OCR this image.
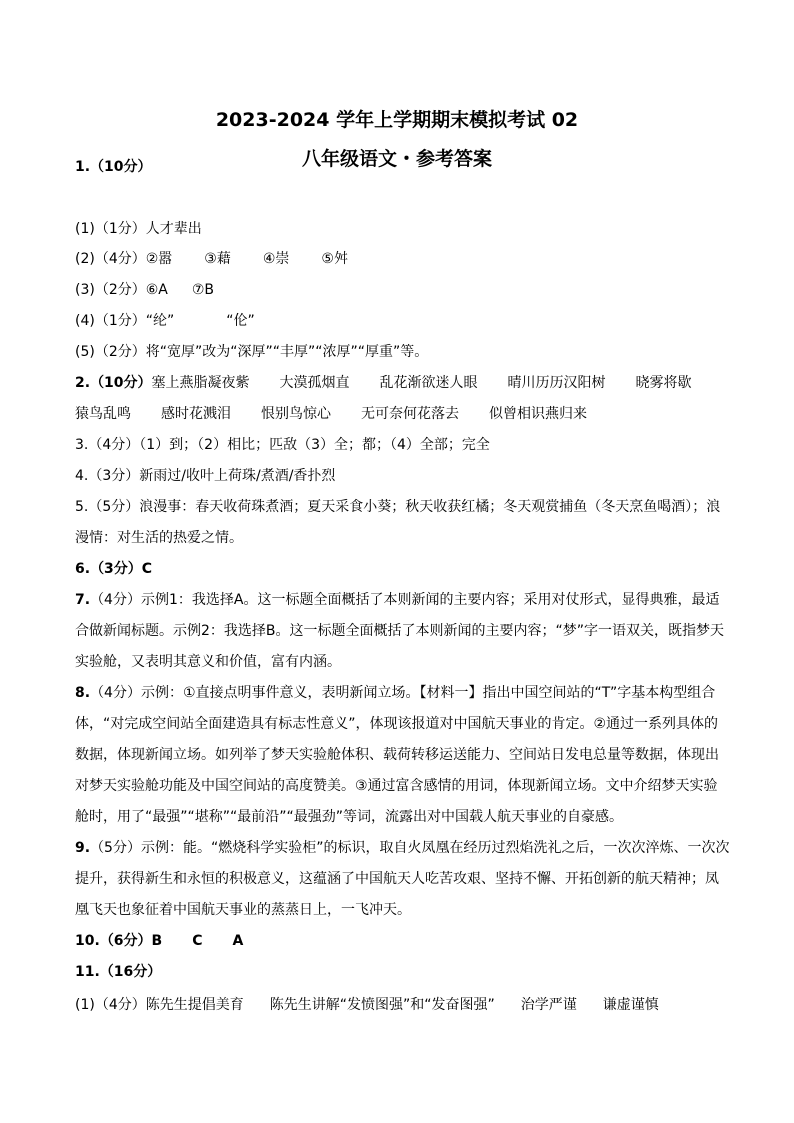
2023-2024 学年上学期期末模拟考试 02
八年级语文・参考答案
1.（10分）
(1)（1分）人才辈出
(2)（4分）②嚣 ③藉 ④崇 ⑤舛
(3)（2分）⑥A ⑦B
(4)（1分）“纶”	“伦”
(5)（2分）将“宽厚”改为“深厚”“丰厚”“浓厚”“厚重”等。
2.（10分）塞上燕脂凝夜紫 大漠孤烟直 乱花渐欲迷人眼 晴川历历汉阳树 晓雾将歇
猿鸟乱鸣 感时花溅泪 恨别鸟惊心 无可奈何花落去 似曾相识燕归来
3.（4分）（1）到；（2）相比；匹敌（3）全；都；（4）全部；完全
4.（3分）新雨过/收叶上荷珠/煮酒/香扑烈
5.（5分）浪漫事：春天收荷珠煮酒；夏天采食小葵；秋天收获红橘；冬天观赏捕鱼（冬天烹鱼喝酒）；浪
漫情：对生活的热爱之情。
6.（3分）C
7.（4分）示例1：我选择A。这一标题全面概括了本则新闻的主要内容；采用对仗形式，显得典雅，最适
合做新闻标题。示例2：我选择B。这一标题全面概括了本则新闻的主要内容；“梦”字一语双关，既指梦天
实验舱，又表明其意义和价值，富有内涵。
8.（4分）示例：①直接点明事件意义，表明新闻立场。【材料一】指出中国空间站的“T”字基本构型组合
体，“对完成空间站全面建造具有标志性意义”，体现该报道对中国航天事业的肯定。②通过一系列具体的
数据，体现新闻立场。如列举了梦天实验舱体积、载荷转移运送能力、空间站日发电总量等数据，体现出
对梦天实验舱功能及中国空间站的高度赞美。③通过富含感情的用词，体现新闻立场。文中介绍梦天实验
舱时，用了“最强”“堪称”“最前沿”“最强劲”等词，流露出对中国载人航天事业的自豪感。
9.（5分）示例：能。“燃烧科学实验柜”的标识，取自火凤凰在经历过烈焰洗礼之后，一次次淬炼、一次次
提升，获得新生和永恒的积极意义，这蕴涵了中国航天人吃苦攻艰、坚持不懈、开拓创新的航天精神；凤
凰飞天也象征着中国航天事业的蒸蒸日上，一飞冲天。
10.（6分）B C A
11.（16分）
(1)（4分）陈先生提倡美育 陈先生讲解“发愤图强”和“发奋图强” 治学严谨 谦虚谨慎
